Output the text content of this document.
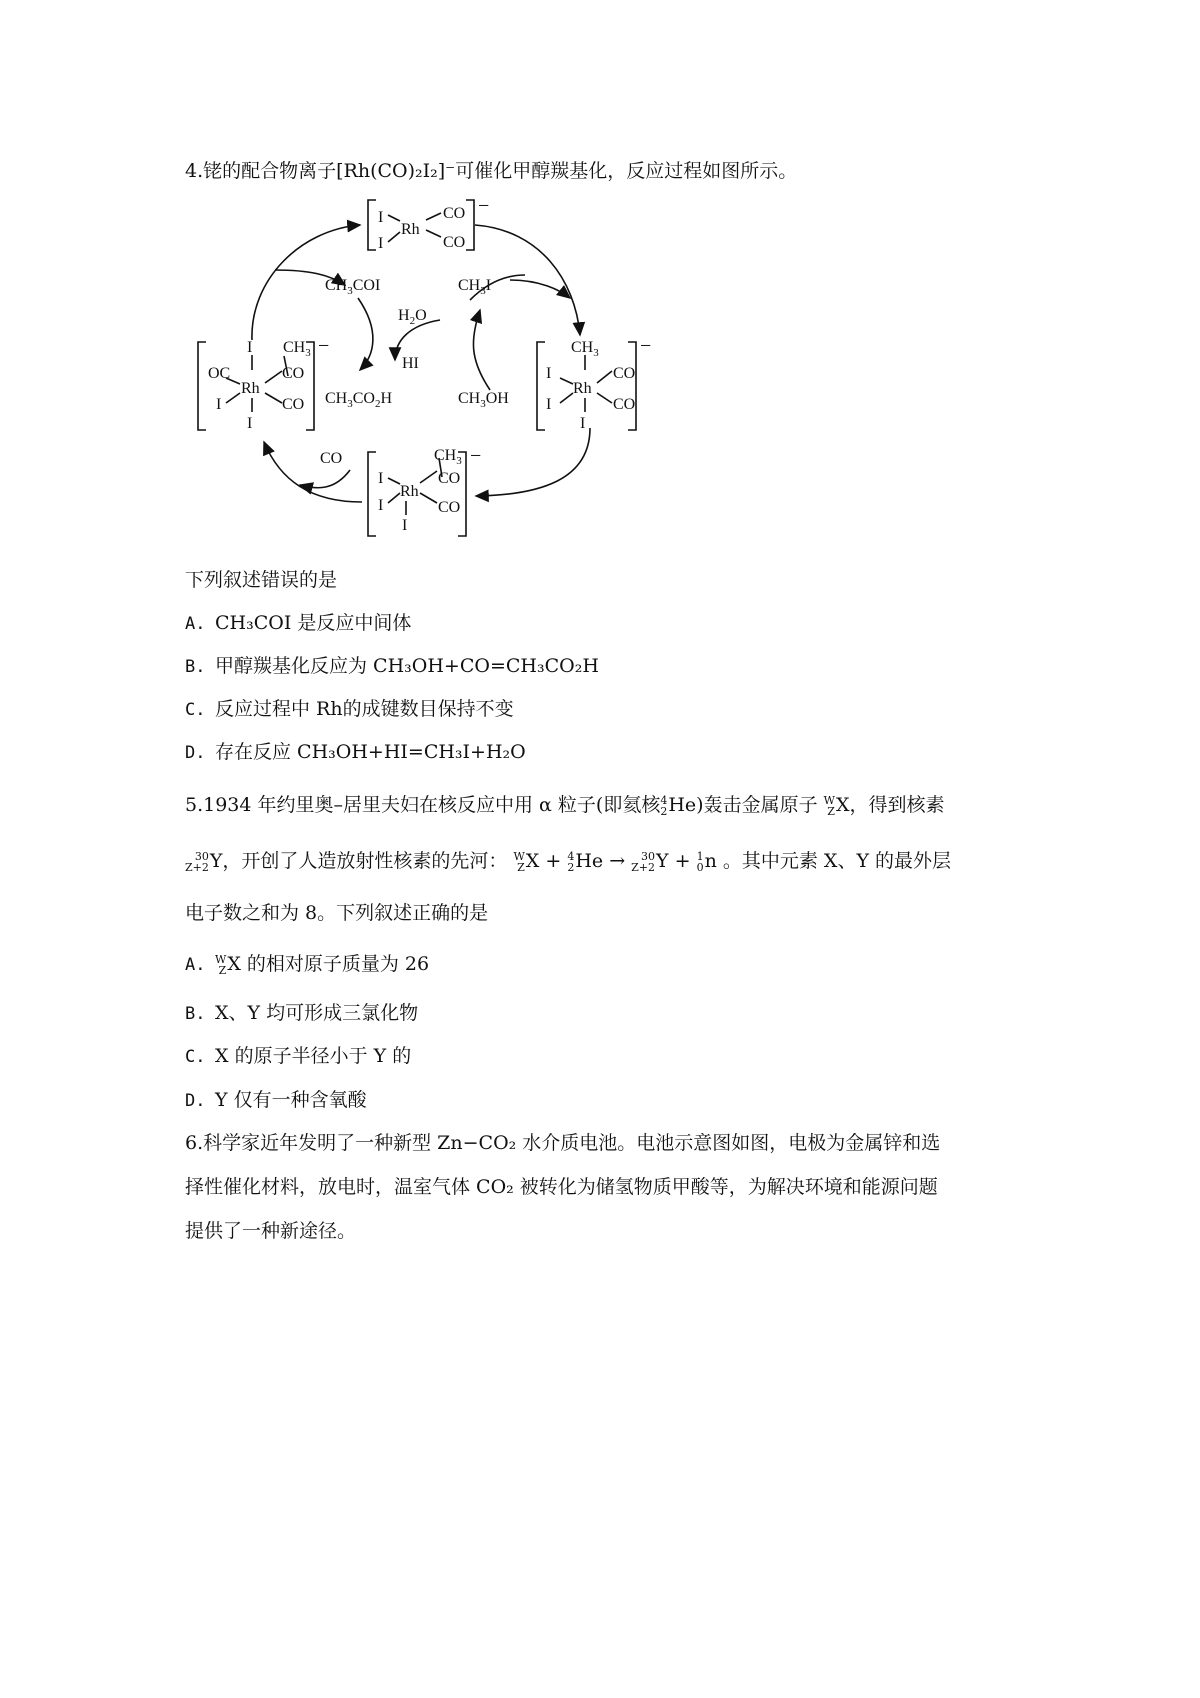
4.铑的配合物离子[Rh(CO)₂I₂]⁻可催化甲醇羰基化，反应过程如图所示。
I
Rh
CO
I	CO
−
I $CH_3$
OC
Rh
CO
I	CO
I
−	$CH_3$
I
Rh
CO
I	CO
I
−
$CH_3$
I
Rh
CO
I	CO
I
−
$CH_3COI$
$H_2O$
HI
$CH_3CO_2H$
$CH_3I$
$CH_3OH$
CO
下列叙述错误的是
A. CH₃COI 是反应中间体
B. 甲醇羰基化反应为 CH₃OH+CO=CH₃CO₂H
C. 反应过程中 Rh的成键数目保持不变
D. 存在反应 CH₃OH+HI=CH₃I+H₂O
5.1934 年约里奥–居里夫妇在核反应中用 α 粒子(即氦核 4
2 He)轰击金属原子 W
Z X，得到核素
30
Z+2 Y，开创了人造放射性核素的先河： W
Z X + 4
2 He →	30
Z+2 Y + 1
0 n 。其中元素 X、Y 的最外层
电子数之和为 8。下列叙述正确的是
A. W
Z X 的相对原子质量为 26
B. X、Y 均可形成三氯化物
C. X 的原子半径小于 Y 的
D. Y 仅有一种含氧酸
6.科学家近年发明了一种新型 Zn−CO₂ 水介质电池。电池示意图如图，电极为金属锌和选
择性催化材料，放电时，温室气体 CO₂ 被转化为储氢物质甲酸等，为解决环境和能源问题
提供了一种新途径。
